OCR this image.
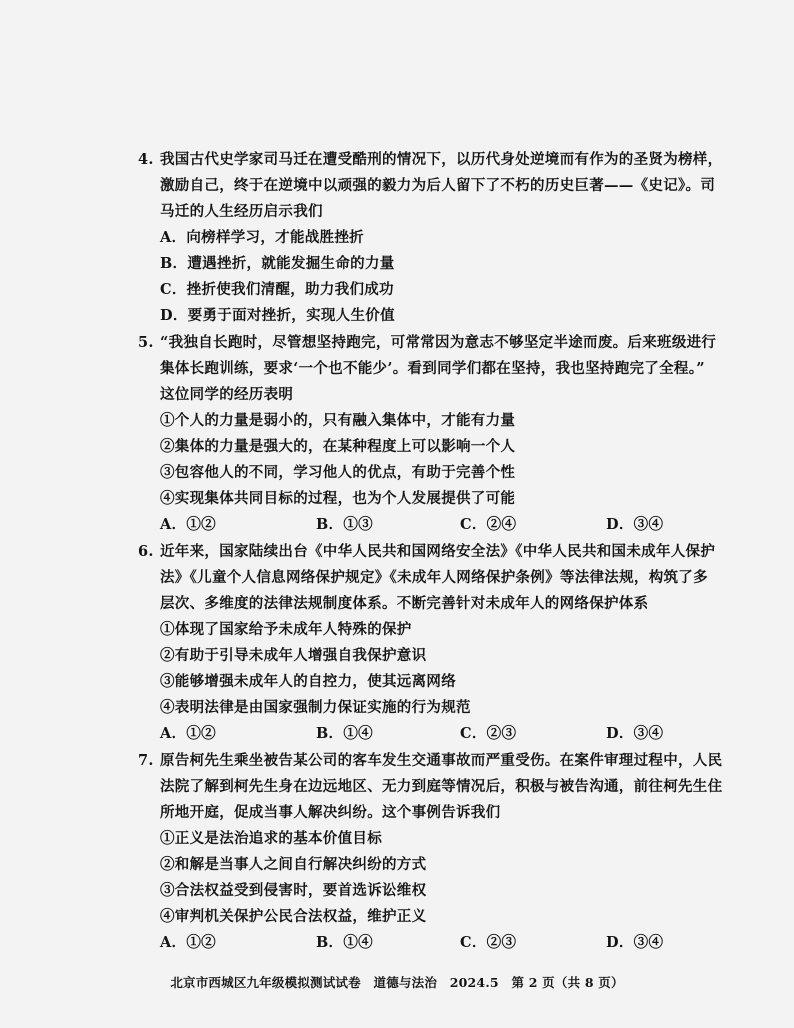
4. 我国古代史学家司马迁在遭受酷刑的情况下，以历代身处逆境而有作为的圣贤为榜样，
激励自己，终于在逆境中以顽强的毅力为后人留下了不朽的历史巨著——《史记》。司
马迁的人生经历启示我们
A．向榜样学习，才能战胜挫折
B．遭遇挫折，就能发掘生命的力量
C．挫折使我们清醒，助力我们成功
D．要勇于面对挫折，实现人生价值
5. “我独自长跑时，尽管想坚持跑完，可常常因为意志不够坚定半途而废。后来班级进行
集体长跑训练，要求‘一个也不能少’。看到同学们都在坚持，我也坚持跑完了全程。”
这位同学的经历表明
①个人的力量是弱小的，只有融入集体中，才能有力量
②集体的力量是强大的，在某种程度上可以影响一个人
③包容他人的不同，学习他人的优点，有助于完善个性
④实现集体共同目标的过程，也为个人发展提供了可能
A．①②	B．①③	C．②④	D．③④
6. 近年来，国家陆续出台《中华人民共和国网络安全法》《中华人民共和国未成年人保护
法》《儿童个人信息网络保护规定》《未成年人网络保护条例》等法律法规，构筑了多
层次、多维度的法律法规制度体系。不断完善针对未成年人的网络保护体系
①体现了国家给予未成年人特殊的保护
②有助于引导未成年人增强自我保护意识
③能够增强未成年人的自控力，使其远离网络
④表明法律是由国家强制力保证实施的行为规范
A．①②	B．①④	C．②③	D．③④
7. 原告柯先生乘坐被告某公司的客车发生交通事故而严重受伤。在案件审理过程中，人民
法院了解到柯先生身在边远地区、无力到庭等情况后，积极与被告沟通，前往柯先生住
所地开庭，促成当事人解决纠纷。这个事例告诉我们
①正义是法治追求的基本价值目标
②和解是当事人之间自行解决纠纷的方式
③合法权益受到侵害时，要首选诉讼维权
④审判机关保护公民合法权益，维护正义
A．①②	B．①④	C．②③	D．③④
北京市西城区九年级模拟测试试卷　道德与法治　2024.5　第 2 页（共 8 页）
